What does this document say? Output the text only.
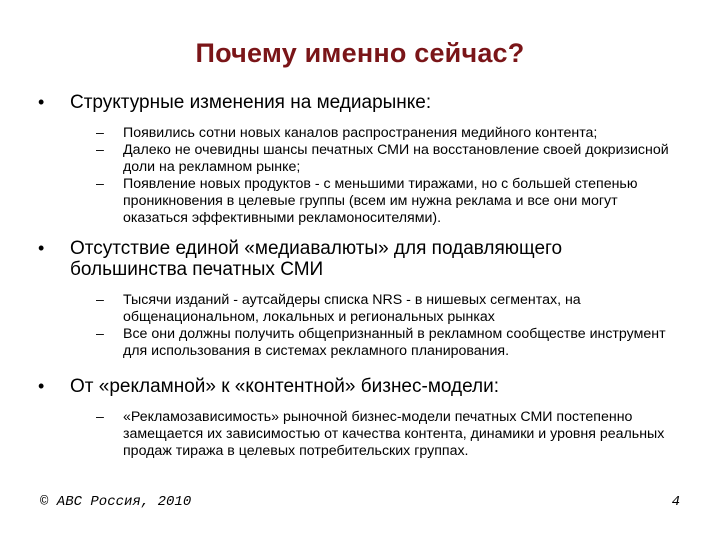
Почему именно сейчас?
• Структурные изменения на медиарынке:
– Появились сотни новых каналов распространения медийного контента;
– Далеко не очевидны шансы печатных СМИ на восстановление своей докризисной доли на рекламном рынке;
– Появление новых продуктов - с меньшими тиражами, но с большей степенью проникновения в целевые группы (всем им нужна реклама и все они могут оказаться эффективными рекламоносителями).
• Отсутствие единой «медиавалюты» для подавляющего большинства печатных СМИ
– Тысячи изданий - аутсайдеры списка NRS - в нишевых сегментах, на общенациональном, локальных и региональных рынках
– Все они должны получить общепризнанный в рекламном сообществе инструмент для использования в системах рекламного планирования.
• От «рекламной» к «контентной» бизнес-модели:
– «Рекламозависимость» рыночной бизнес-модели печатных СМИ постепенно замещается их зависимостью от качества контента, динамики и уровня реальных продаж тиража в целевых потребительских группах.
© ABC Россия, 2010	4
